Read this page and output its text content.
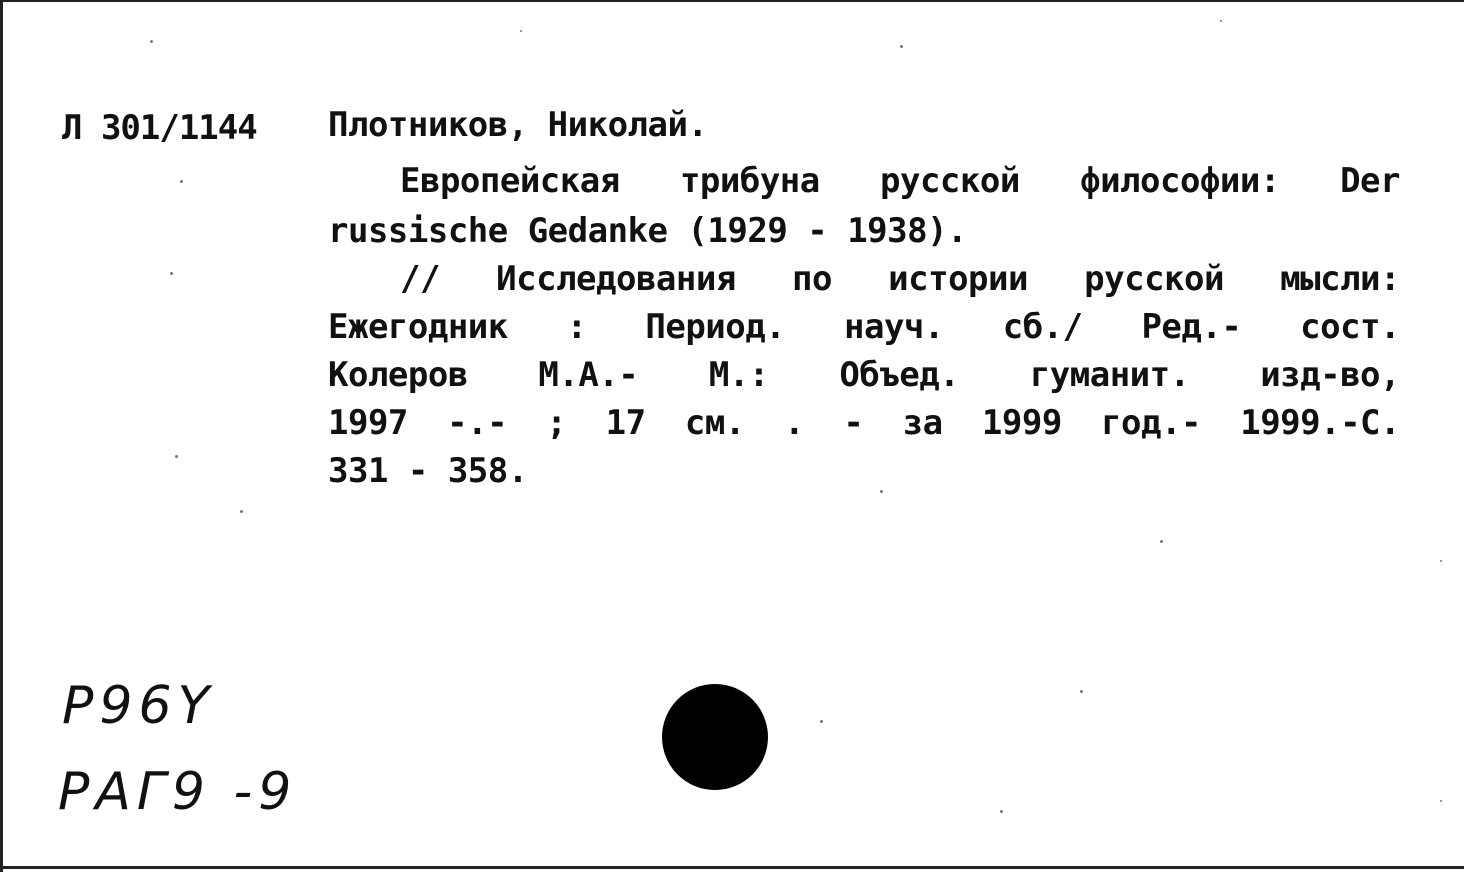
Л 301/1144 Плотников, Николай.
Европейская трибуна русской философии: Der
russische Gedanke (1929 - 1938).
// Исследования по истории русской мысли:
Ежегодник : Период. науч. сб./ Ред.- сост.
Колеров М.А.- М.: Объед. гуманит. изд-во,
1997 -.- ; 17 см. . - за 1999 год.- 1999.-С.
331 - 358.
Р96Y
РАГ9 -9
